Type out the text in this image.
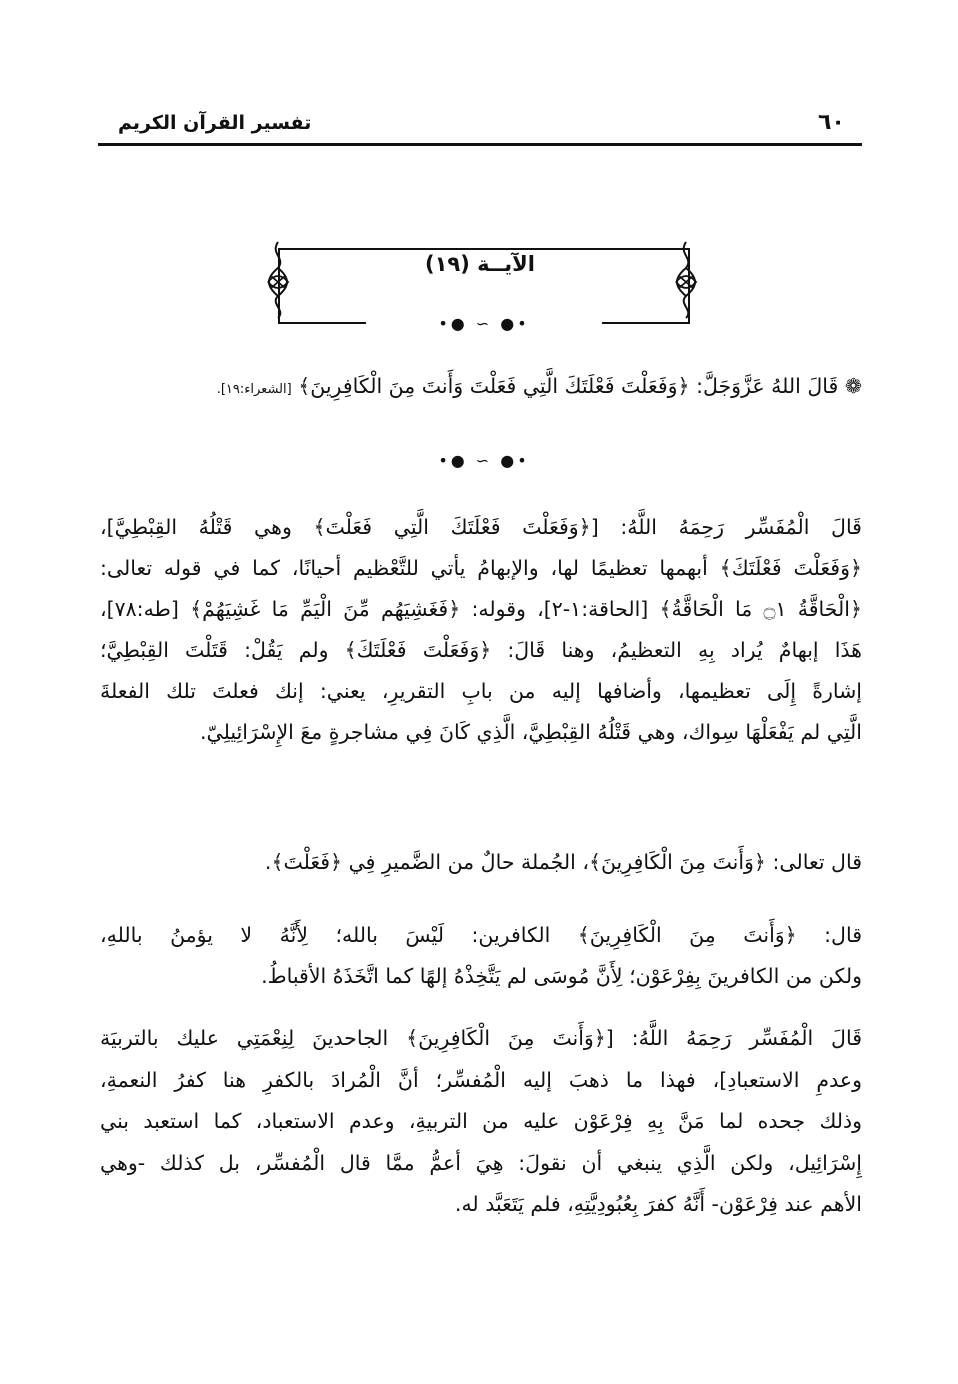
٦٠
تفسير القرآن الكريم
الآيــة (١٩)
•● ∽ ●•
❁ قَالَ اللهُ عَزَّوَجَلَّ: ﴿وَفَعَلْتَ فَعْلَتَكَ الَّتِي فَعَلْتَ وَأَنتَ مِنَ الْكَافِرِينَ﴾ [الشعراء:١٩].
•● ∽ ●•
قَالَ الْمُفَسِّر رَحِمَهُ اللَّهُ: [﴿وَفَعَلْتَ فَعْلَتَكَ الَّتِي فَعَلْتَ﴾ وهي قَتْلُهُ القِبْطِيَّ]،
﴿وَفَعَلْتَ فَعْلَتَكَ﴾ أبهمها تعظيمًا لها، والإبهامُ يأتي للتَّعْظيم أحيانًا، كما في قوله تعالى:
﴿الْحَاقَّةُ ۝١ مَا الْحَاقَّةُ﴾ [الحاقة:١-٢]، وقوله: ﴿فَغَشِيَهُم مِّنَ الْيَمِّ مَا غَشِيَهُمْ﴾ [طه:٧٨]،
هَذَا إبهامٌ يُراد بِهِ التعظيمُ، وهنا قَالَ: ﴿وَفَعَلْتَ فَعْلَتَكَ﴾ ولم يَقُلْ: قَتَلْتَ القِبْطِيَّ؛
إشارةً إِلَى تعظيمها، وأضافها إليه من بابِ التقريرِ، يعني: إنك فعلتَ تلك الفعلةَ
الَّتِي لم يَفْعَلْهَا سِواك، وهي قَتْلُهُ القِبْطِيَّ، الَّذِي كَانَ فِي مشاجرةٍ معَ الإِسْرَائِيلِيّ.
قال تعالى: ﴿وَأَنتَ مِنَ الْكَافِرِينَ﴾، الجُملة حالٌ من الضَّميرِ فِي ﴿فَعَلْتَ﴾.
قال: ﴿وَأَنتَ مِنَ الْكَافِرِينَ﴾ الكافرين: لَيْسَ بالله؛ لِأَنَّهُ لا يؤمنُ باللهِ،
ولكن من الكافرينَ بِفِرْعَوْن؛ لِأَنَّ مُوسَى لم يَتَّخِذْهُ إلهًا كما اتَّخَذَهُ الأقباطُ.
قَالَ الْمُفَسِّر رَحِمَهُ اللَّهُ: [﴿وَأَنتَ مِنَ الْكَافِرِينَ﴾ الجاحدينَ لِنِعْمَتِي عليك بالتربيَة
وعدمِ الاستعبادِ]، فهذا ما ذهبَ إليه الْمُفسِّر؛ أنَّ الْمُرادَ بالكفرِ هنا كفرُ النعمةِ،
وذلك جحده لما مَنَّ بِهِ فِرْعَوْن عليه من التربيةِ، وعدم الاستعباد، كما استعبد بني
إِسْرَائِيل، ولكن الَّذِي ينبغي أن نقولَ: هِيَ أعمُّ ممَّا قال الْمُفسِّر، بل كذلك -وهي
الأهم عند فِرْعَوْن- أَنَّهُ كفرَ بِعُبُودِيَّتِهِ، فلم يَتَعَبَّد له.
